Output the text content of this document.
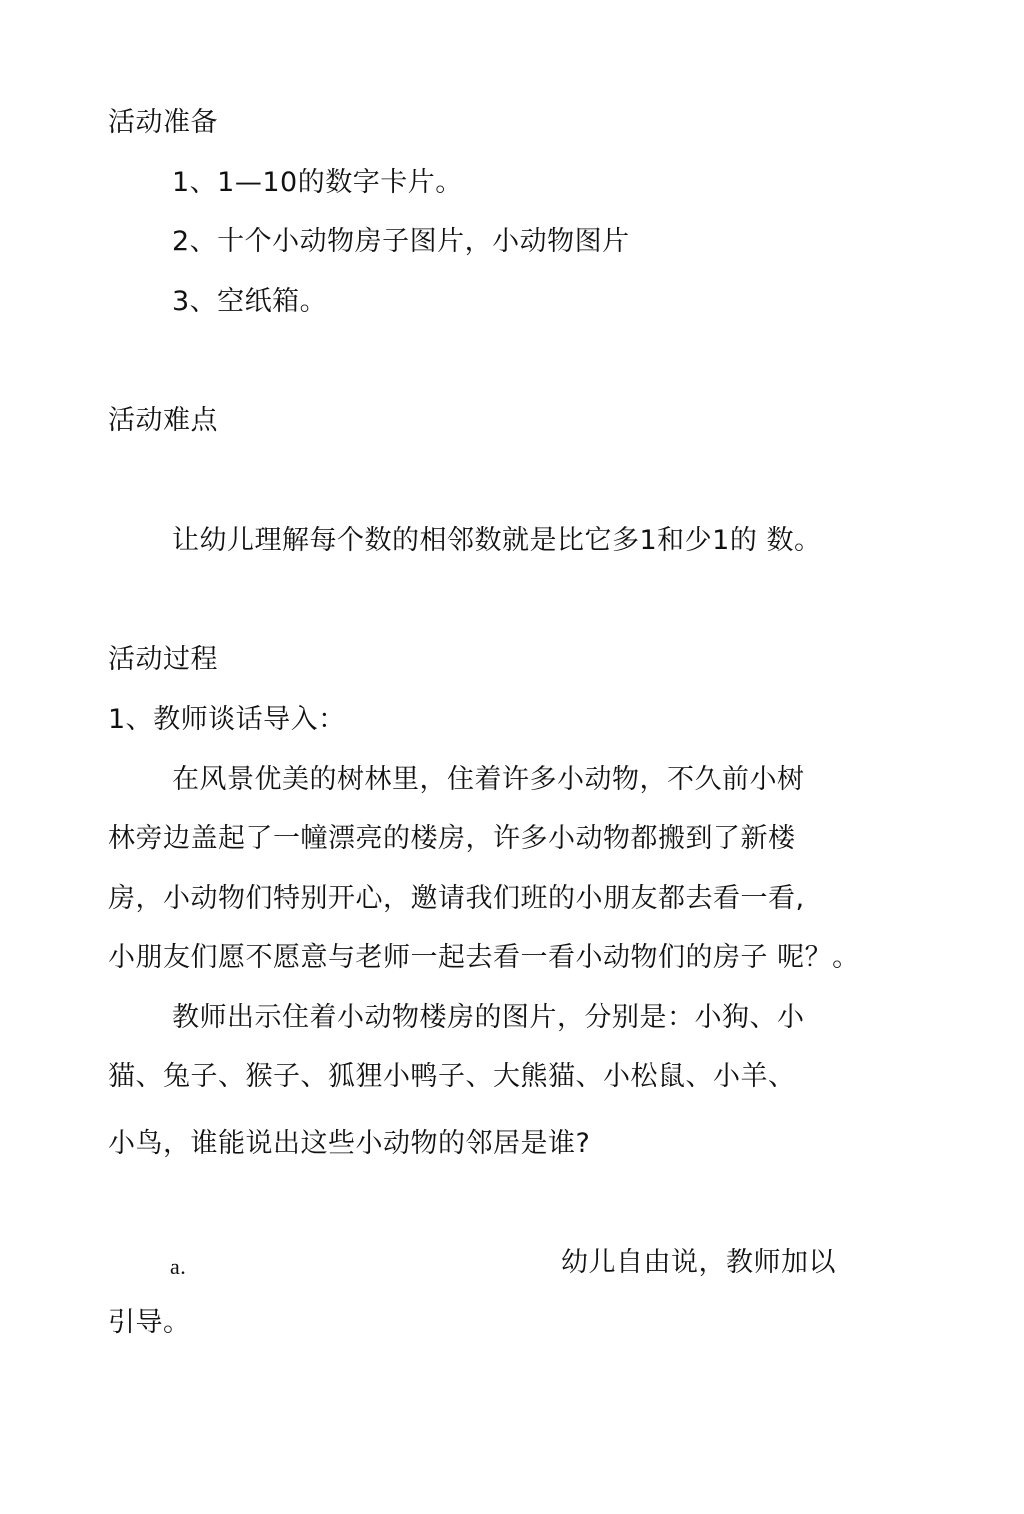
活动准备
1、1—10的数字卡片。
2、十个小动物房子图片，小动物图片
3、空纸箱。
活动难点
让幼儿理解每个数的相邻数就是比它多1和少1的 数。
活动过程
1、教师谈话导入：
在风景优美的树林里，住着许多小动物，不久前小树
林旁边盖起了一幢漂亮的楼房，许多小动物都搬到了新楼
房，小动物们特别开心，邀请我们班的小朋友都去看一看,
小朋友们愿不愿意与老师一起去看一看小动物们的房子 呢？。
教师出示住着小动物楼房的图片，分别是：小狗、小
猫、兔子、猴子、狐狸小鸭子、大熊猫、小松鼠、小羊、
小鸟，谁能说出这些小动物的邻居是谁?
a.	幼儿自由说，教师加以
引导。
